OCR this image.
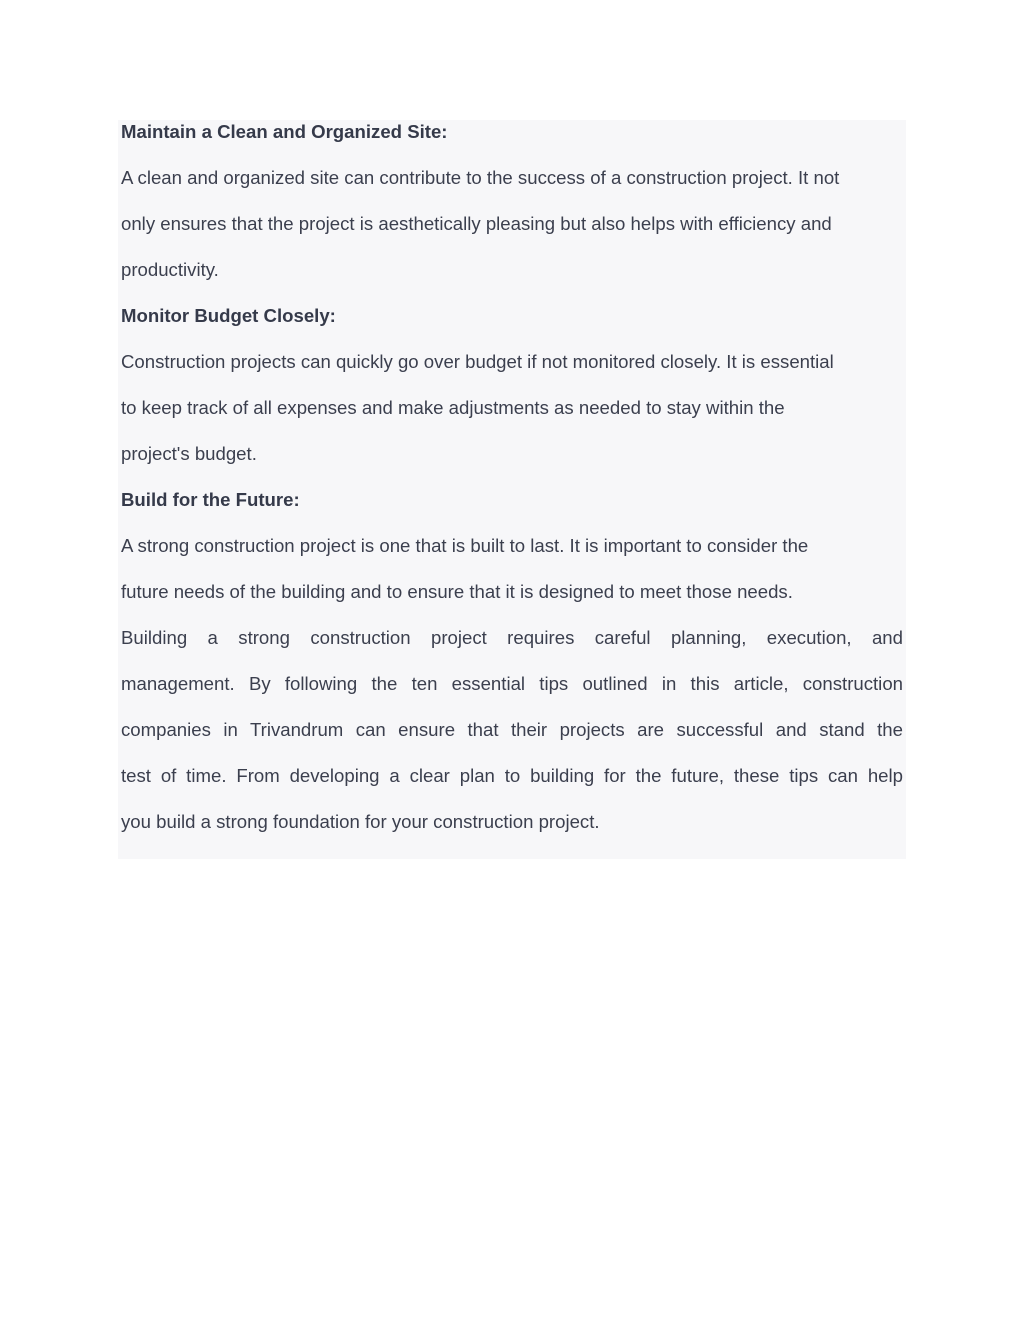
Maintain a Clean and Organized Site:
A clean and organized site can contribute to the success of a construction project. It not
only ensures that the project is aesthetically pleasing but also helps with efficiency and
productivity.
Monitor Budget Closely:
Construction projects can quickly go over budget if not monitored closely. It is essential
to keep track of all expenses and make adjustments as needed to stay within the
project's budget.
Build for the Future:
A strong construction project is one that is built to last. It is important to consider the
future needs of the building and to ensure that it is designed to meet those needs.
Building a strong construction project requires careful planning, execution, and
management. By following the ten essential tips outlined in this article, construction
companies in Trivandrum can ensure that their projects are successful and stand the
test of time. From developing a clear plan to building for the future, these tips can help
you build a strong foundation for your construction project.
